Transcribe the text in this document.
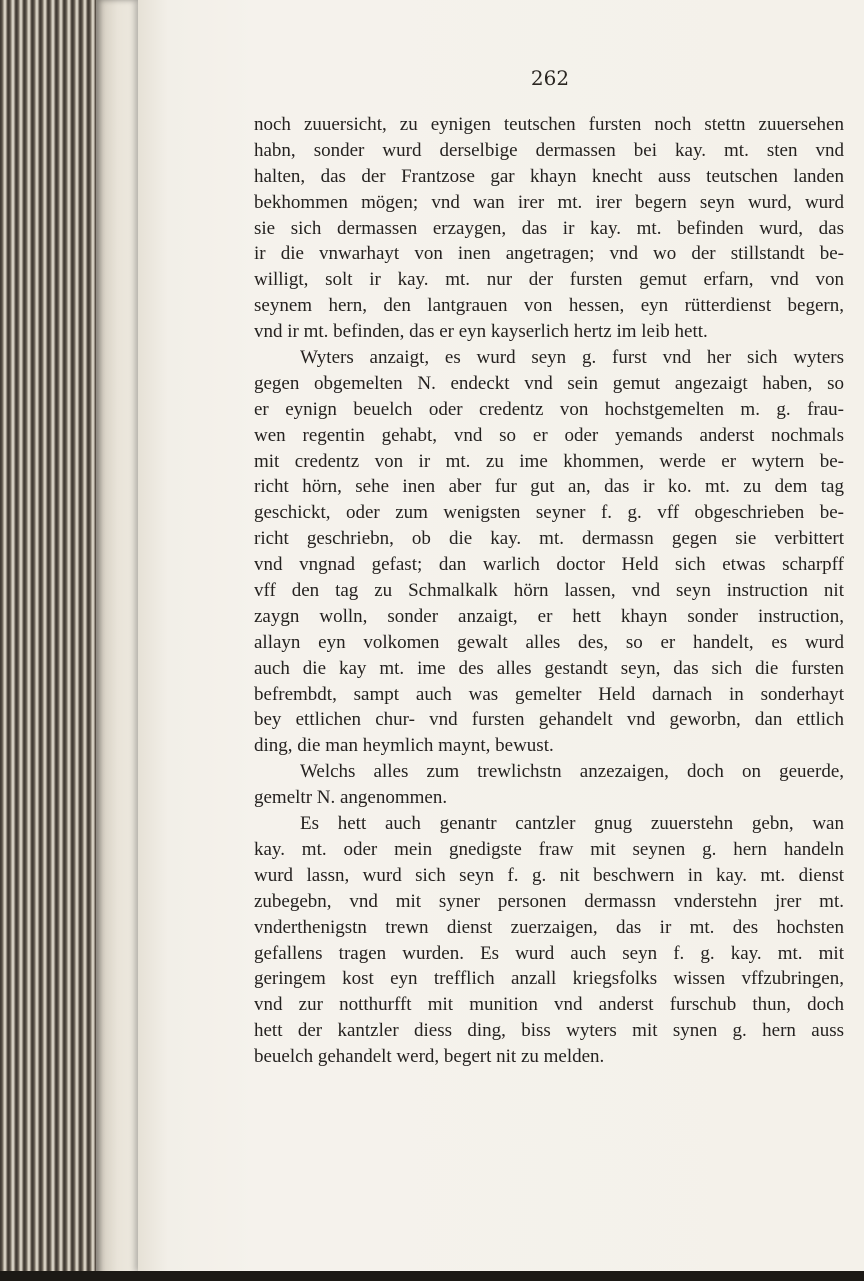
262

noch zuuersicht, zu eynigen teutschen fursten noch stettn zuuersehen
habn, sonder wurd derselbige dermassen bei kay. mt. sten vnd
halten, das der Frantzose gar khayn knecht auss teutschen landen
bekhommen mögen; vnd wan irer mt. irer begern seyn wurd, wurd
sie sich dermassen erzaygen, das ir kay. mt. befinden wurd, das
ir die vnwarhayt von inen angetragen; vnd wo der stillstandt be-
willigt, solt ir kay. mt. nur der fursten gemut erfarn, vnd von
seynem hern, den lantgrauen von hessen, eyn rütterdienst begern,
vnd ir mt. befinden, das er eyn kayserlich hertz im leib hett.
Wyters anzaigt, es wurd seyn g. furst vnd her sich wyters
gegen obgemelten N. endeckt vnd sein gemut angezaigt haben, so
er eynign beuelch oder credentz von hochstgemelten m. g. frau-
wen regentin gehabt, vnd so er oder yemands anderst nochmals
mit credentz von ir mt. zu ime khommen, werde er wytern be-
richt hörn, sehe inen aber fur gut an, das ir ko. mt. zu dem tag
geschickt, oder zum wenigsten seyner f. g. vff obgeschrieben be-
richt geschriebn, ob die kay. mt. dermassn gegen sie verbittert
vnd vngnad gefast; dan warlich doctor Held sich etwas scharpff
vff den tag zu Schmalkalk hörn lassen, vnd seyn instruction nit
zaygn wolln, sonder anzaigt, er hett khayn sonder instruction,
allayn eyn volkomen gewalt alles des, so er handelt, es wurd
auch die kay mt. ime des alles gestandt seyn, das sich die fursten
befrembdt, sampt auch was gemelter Held darnach in sonderhayt
bey ettlichen chur- vnd fursten gehandelt vnd geworbn, dan ettlich
ding, die man heymlich maynt, bewust.
Welchs alles zum trewlichstn anzezaigen, doch on geuerde,
gemeltr N. angenommen.
Es hett auch genantr cantzler gnug zuuerstehn gebn, wan
kay. mt. oder mein gnedigste fraw mit seynen g. hern handeln
wurd lassn, wurd sich seyn f. g. nit beschwern in kay. mt. dienst
zubegebn, vnd mit syner personen dermassn vnderstehn jrer mt.
vnderthenigstn trewn dienst zuerzaigen, das ir mt. des hochsten
gefallens tragen wurden. Es wurd auch seyn f. g. kay. mt. mit
geringem kost eyn trefflich anzall kriegsfolks wissen vffzubringen,
vnd zur notthurfft mit munition vnd anderst furschub thun, doch
hett der kantzler diess ding, biss wyters mit synen g. hern auss
beuelch gehandelt werd, begert nit zu melden.
